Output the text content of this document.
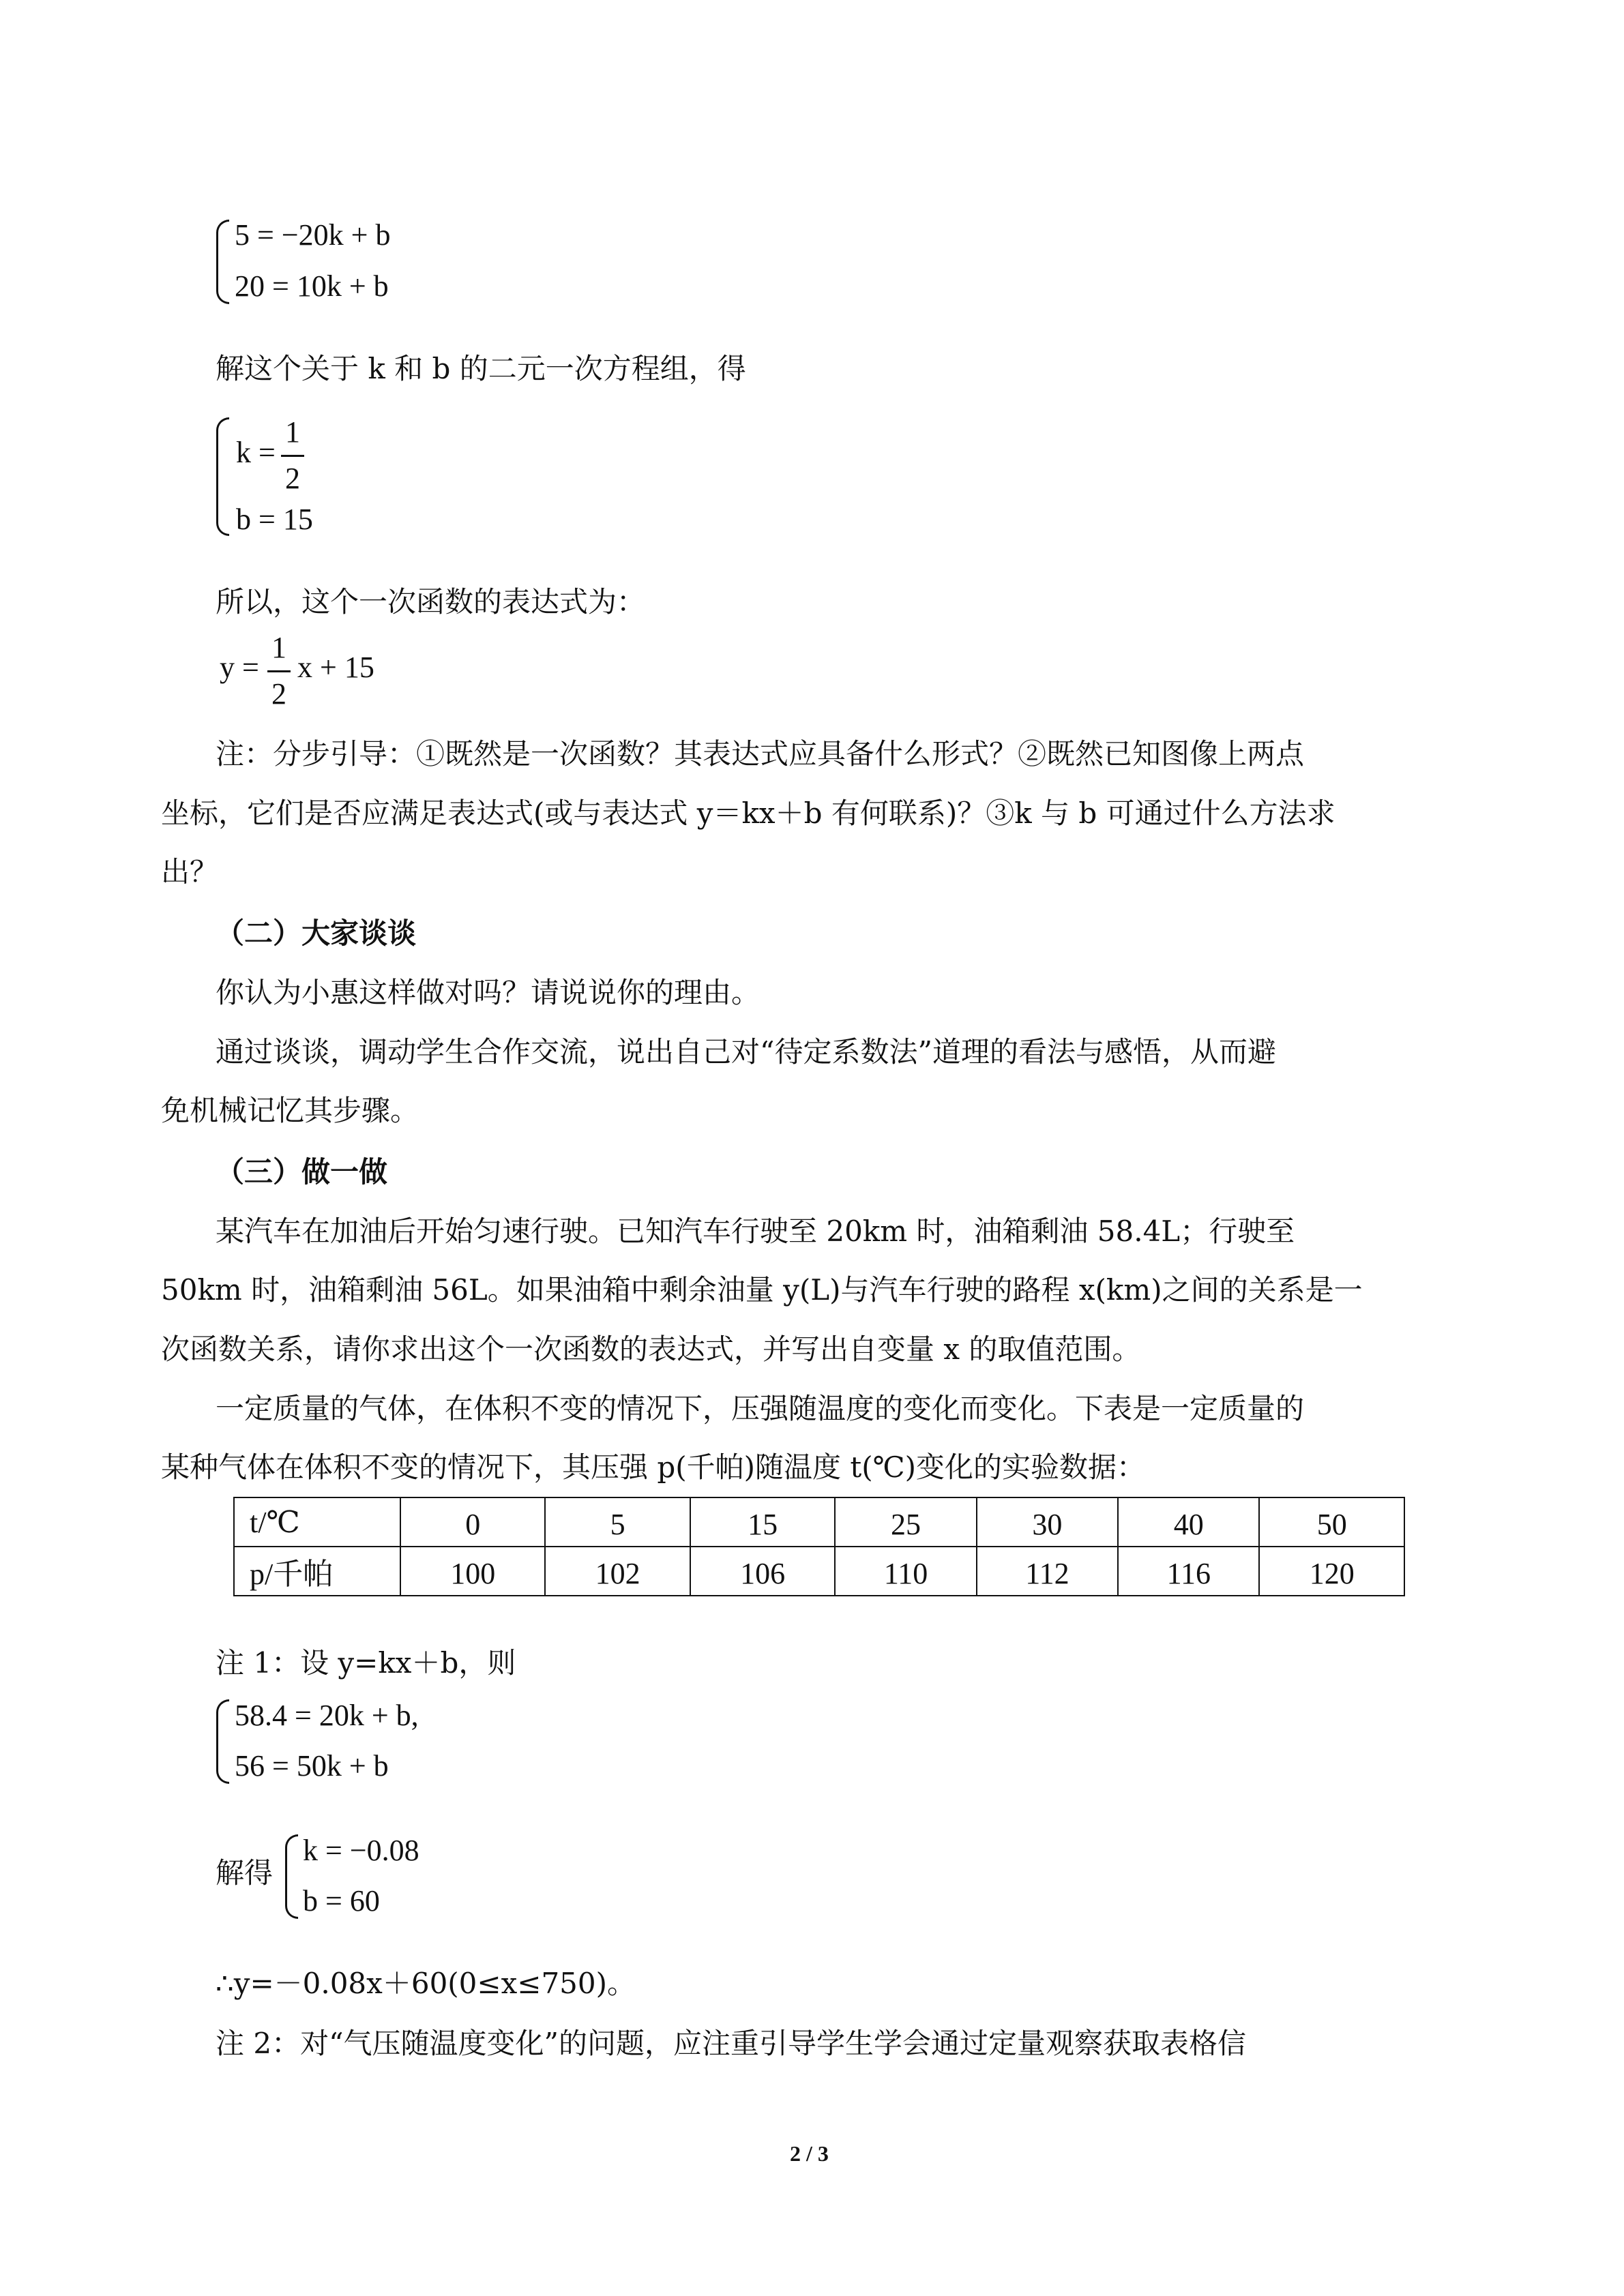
5 = −20k + b
20 = 10k + b
解这个关于 k 和 b 的二元一次方程组，得
k =
1
2
b = 15
所以，这个一次函数的表达式为：
y =
1
2
x + 15
注：分步引导：①既然是一次函数？其表达式应具备什么形式？②既然已知图像上两点
坐标，它们是否应满足表达式(或与表达式 y＝kx＋b 有何联系)？③k 与 b 可通过什么方法求
出？
（二）大家谈谈
你认为小惠这样做对吗？请说说你的理由。
通过谈谈，调动学生合作交流，说出自己对“待定系数法”道理的看法与感悟，从而避
免机械记忆其步骤。
（三）做一做
某汽车在加油后开始匀速行驶。已知汽车行驶至 20km 时，油箱剩油 58.4L；行驶至
50km 时，油箱剩油 56L。如果油箱中剩余油量 y(L)与汽车行驶的路程 x(km)之间的关系是一
次函数关系，请你求出这个一次函数的表达式，并写出自变量 x 的取值范围。
一定质量的气体，在体积不变的情况下，压强随温度的变化而变化。下表是一定质量的
某种气体在体积不变的情况下，其压强 p(千帕)随温度 t(℃)变化的实验数据：
t/℃	0	5	15	25	30	40	50
p/千帕	100	102	106	110	112	116	120
注 1：设 y=kx＋b，则
58.4 = 20k + b,
56 = 50k + b
解得
k = −0.08
b = 60
∴y=－0.08x＋60(0≤x≤750)。
注 2：对“气压随温度变化”的问题，应注重引导学生学会通过定量观察获取表格信
2 / 3
